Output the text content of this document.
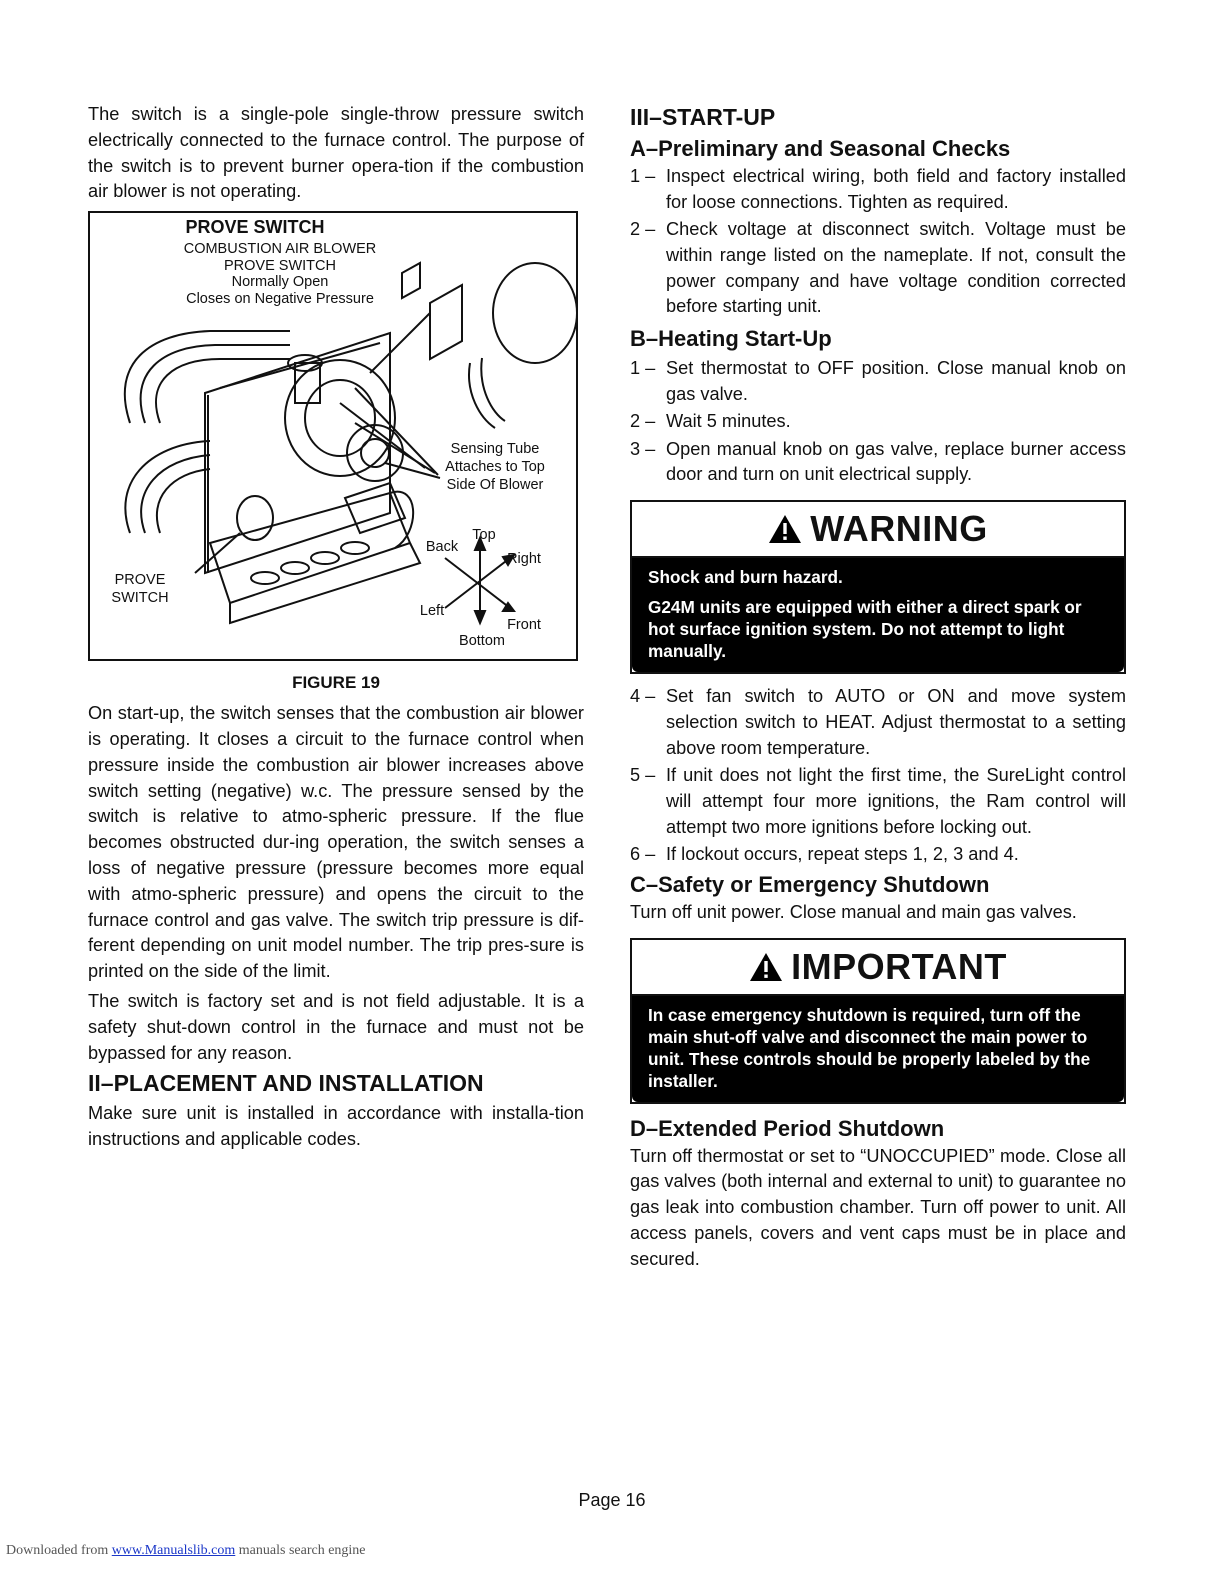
The switch is a single-pole single-throw pressure switch electrically connected to the furnace control. The purpose of the switch is to prevent burner opera-tion if the combustion air blower is not operating.

PROVE SWITCH
COMBUSTION AIR BLOWER
PROVE SWITCH
Normally Open
Closes on Negative Pressure
Sensing Tube
Attaches to Top
Side Of Blower
PROVE
SWITCH
Top
Back
Right
Left
Front
Bottom
FIGURE 19

On start-up, the switch senses that the combustion air blower is operating. It closes a circuit to the furnace control when pressure inside the combustion air blower increases above switch setting (negative) w.c. The pressure sensed by the switch is relative to atmo-spheric pressure. If the flue becomes obstructed dur-ing operation, the switch senses a loss of negative pressure (pressure becomes more equal with atmo-spheric pressure) and opens the circuit to the furnace control and gas valve. The switch trip pressure is dif-ferent depending on unit model number. The trip pres-sure is printed on the side of the limit.

The switch is factory set and is not field adjustable. It is a safety shut-down control in the furnace and must not be bypassed for any reason.

II–PLACEMENT AND INSTALLATION

Make sure unit is installed in accordance with installa-tion instructions and applicable codes.

III–START-UP
A–Preliminary and Seasonal Checks
1 – Inspect electrical wiring, both field and factory installed for loose connections. Tighten as required.
2 – Check voltage at disconnect switch. Voltage must be within range listed on the nameplate. If not, consult the power company and have voltage condition corrected before starting unit.
B–Heating Start-Up
1 – Set thermostat to OFF position. Close manual knob on gas valve.
2 – Wait 5 minutes.
3 – Open manual knob on gas valve, replace burner access door and turn on unit electrical supply.
WARNING

Shock and burn hazard.

G24M units are equipped with either a direct spark or hot surface ignition system. Do not attempt to light manually.

4 – Set fan switch to AUTO or ON and move system selection switch to HEAT. Adjust thermostat to a setting above room temperature.
5 – If unit does not light the first time, the SureLight control will attempt four more ignitions, the Ram control will attempt two more ignitions before locking out.
6 – If lockout occurs, repeat steps 1, 2, 3 and 4.
C–Safety or Emergency Shutdown

Turn off unit power. Close manual and main gas valves.

IMPORTANT

In case emergency shutdown is required, turn off the main shut-off valve and disconnect the main power to unit. These controls should be properly labeled by the installer.

D–Extended Period Shutdown

Turn off thermostat or set to “UNOCCUPIED” mode. Close all gas valves (both internal and external to unit) to guarantee no gas leak into combustion chamber. Turn off power to unit. All access panels, covers and vent caps must be in place and secured.

Page 16
Downloaded from www.Manualslib.com manuals search engine
